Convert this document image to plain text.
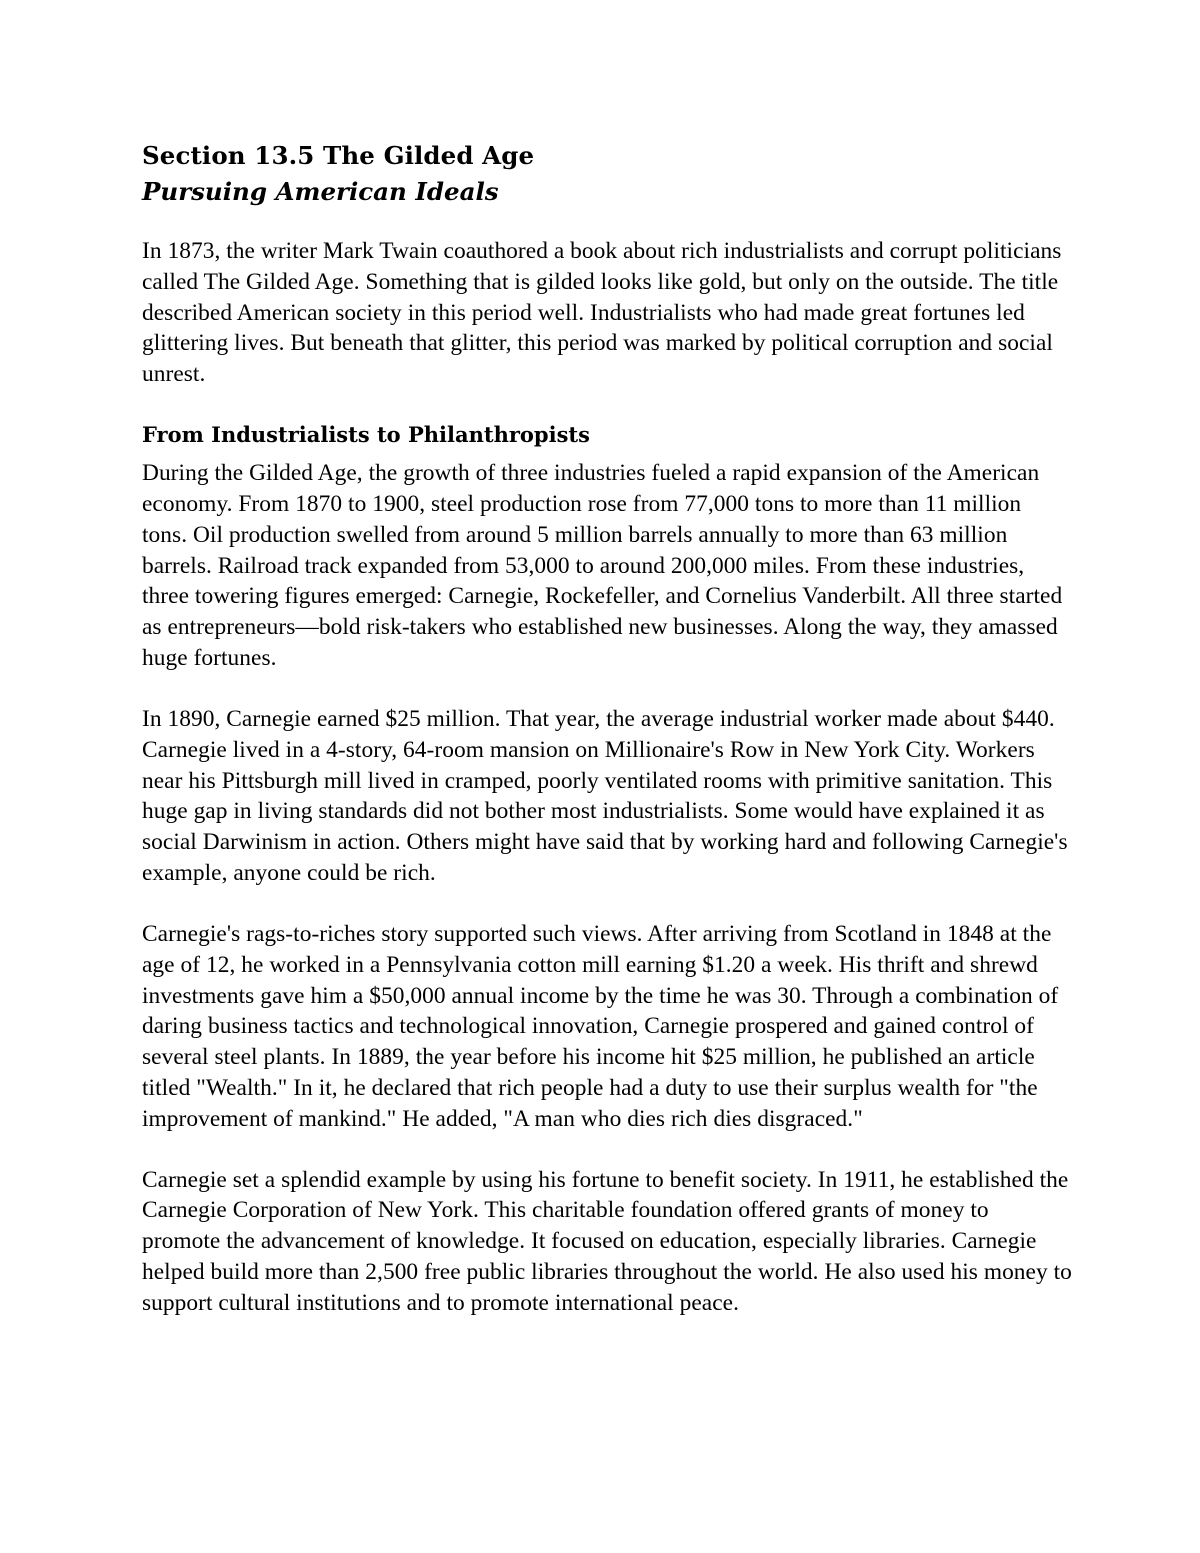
Section 13.5 The Gilded Age
Pursuing American Ideals

In 1873, the writer Mark Twain coauthored a book about rich industrialists and corrupt politicians called The Gilded Age. Something that is gilded looks like gold, but only on the outside. The title described American society in this period well. Industrialists who had made great fortunes led glittering lives. But beneath that glitter, this period was marked by political corruption and social unrest.

From Industrialists to Philanthropists

During the Gilded Age, the growth of three industries fueled a rapid expansion of the American economy. From 1870 to 1900, steel production rose from 77,000 tons to more than 11 million tons. Oil production swelled from around 5 million barrels annually to more than 63 million barrels. Railroad track expanded from 53,000 to around 200,000 miles. From these industries, three towering figures emerged: Carnegie, Rockefeller, and Cornelius Vanderbilt. All three started as entrepreneurs—bold risk-takers who established new businesses. Along the way, they amassed huge fortunes.

In 1890, Carnegie earned $25 million. That year, the average industrial worker made about $440. Carnegie lived in a 4-story, 64-room mansion on Millionaire's Row in New York City. Workers near his Pittsburgh mill lived in cramped, poorly ventilated rooms with primitive sanitation. This huge gap in living standards did not bother most industrialists. Some would have explained it as social Darwinism in action. Others might have said that by working hard and following Carnegie's example, anyone could be rich.

Carnegie's rags-to-riches story supported such views. After arriving from Scotland in 1848 at the age of 12, he worked in a Pennsylvania cotton mill earning $1.20 a week. His thrift and shrewd investments gave him a $50,000 annual income by the time he was 30. Through a combination of daring business tactics and technological innovation, Carnegie prospered and gained control of several steel plants. In 1889, the year before his income hit $25 million, he published an article titled "Wealth." In it, he declared that rich people had a duty to use their surplus wealth for "the improvement of mankind." He added, "A man who dies rich dies disgraced."

Carnegie set a splendid example by using his fortune to benefit society. In 1911, he established the Carnegie Corporation of New York. This charitable foundation offered grants of money to promote the advancement of knowledge. It focused on education, especially libraries. Carnegie helped build more than 2,500 free public libraries throughout the world. He also used his money to support cultural institutions and to promote international peace.
